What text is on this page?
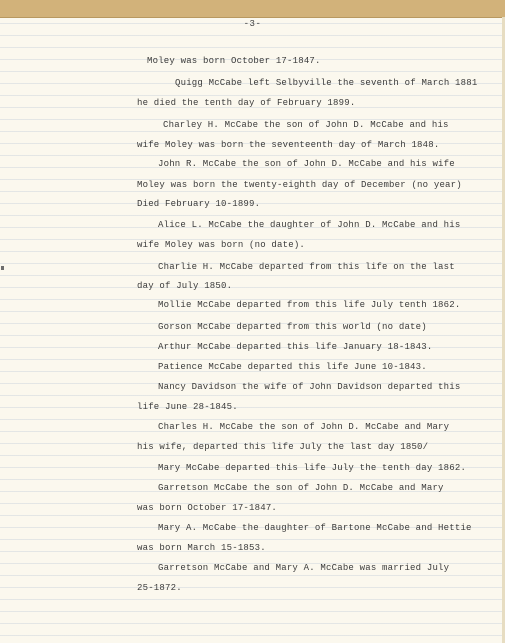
-3-
Moley was born October 17-1847.
Quigg McCabe left Selbyville the seventh of March 1881
he died the tenth day of February 1899.
Charley H. McCabe the son of John D. McCabe and his
wife Moley was born the seventeenth day of March 1848.
John R. McCabe the son of John D. McCabe and his wife
Moley was born the twenty-eighth day of December (no year)
Died February 10-1899.
Alice L. McCabe the daughter of John D. McCabe and his
wife Moley was born (no date).
Charlie H. McCabe departed from this life on the last
day of July 1850.
Mollie McCabe departed from this life July tenth 1862.
Gorson McCabe departed from this world (no date)
Arthur McCabe departed this life January 18-1843.
Patience McCabe departed this life June 10-1843.
Nancy Davidson the wife of John Davidson departed this
life June 28-1845.
Charles H. McCabe the son of John D. McCabe and Mary
his wife, departed this life July the last day 1850/
Mary McCabe departed this life July the tenth day 1862.
Garretson McCabe the son of John D. McCabe and Mary
was born October 17-1847.
Mary A. McCabe the daughter of Bartone McCabe and Hettie
was born March 15-1853.
Garretson McCabe and Mary A. McCabe was married July
25-1872.
